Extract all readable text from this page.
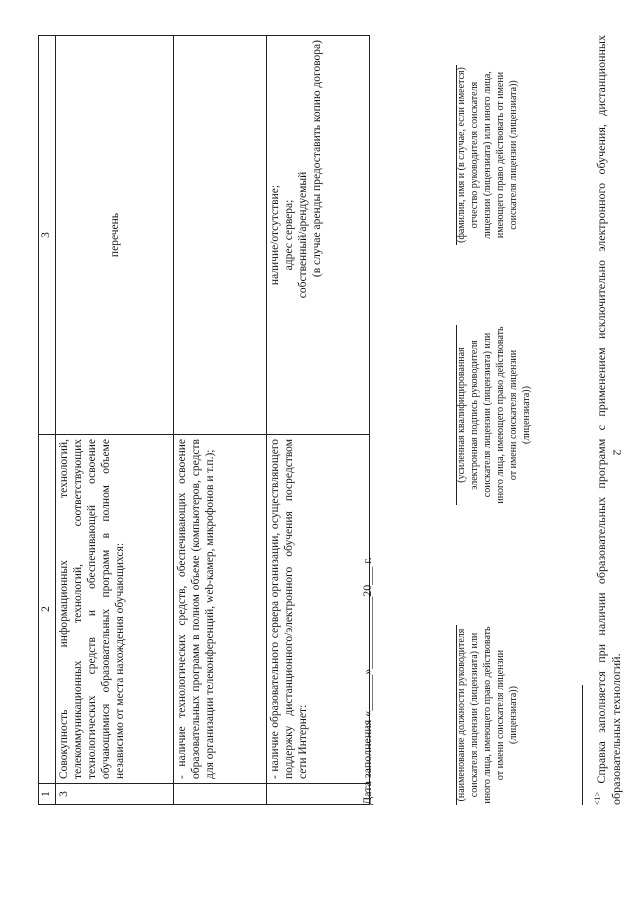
2
1	2	3
3	Совокупность информационных технологий, телекоммуникационных технологий, соответствующих технологических средств и обеспечивающей освоение обучающимися образовательных программ в полном объеме независимо от места нахождения обучающихся:	перечень
	- наличие технологических средств, обеспечивающих освоение образовательных программ в полном объеме (компьютеров, средств для организации телеконференций, web-камер, микрофонов и т.п.);	
	- наличие образовательного сервера организации, осуществляющего поддержку дистанционного/электронного обучения посредством сети Интернет:	наличие/отсутствие; адрес сервера; собственный/арендуемый (в случае аренды предоставить копию договора)
Дата заполнения «______»____________20___ г.
(наименование должности руководителя соискателя лицензии (лицензиата) или иного лица, имеющего право действовать от имени соискателя лицензии (лицензиата))
(усиленная квалифицированная электронная подпись руководителя соискателя лицензии (лицензиата) или иного лица, имеющего право действовать от имени соискателя лицензии (лицензиата))
(фамилия, имя и (в случае, если имеется) отчество руководителя соискателя лицензии (лицензиата) или иного лица, имеющего право действовать от имени соискателя лицензии (лицензиата))
$^{<1>}$ Справка заполняется при наличии образовательных программ с применением исключительно электронного обучения, дистанционных образовательных технологий.
